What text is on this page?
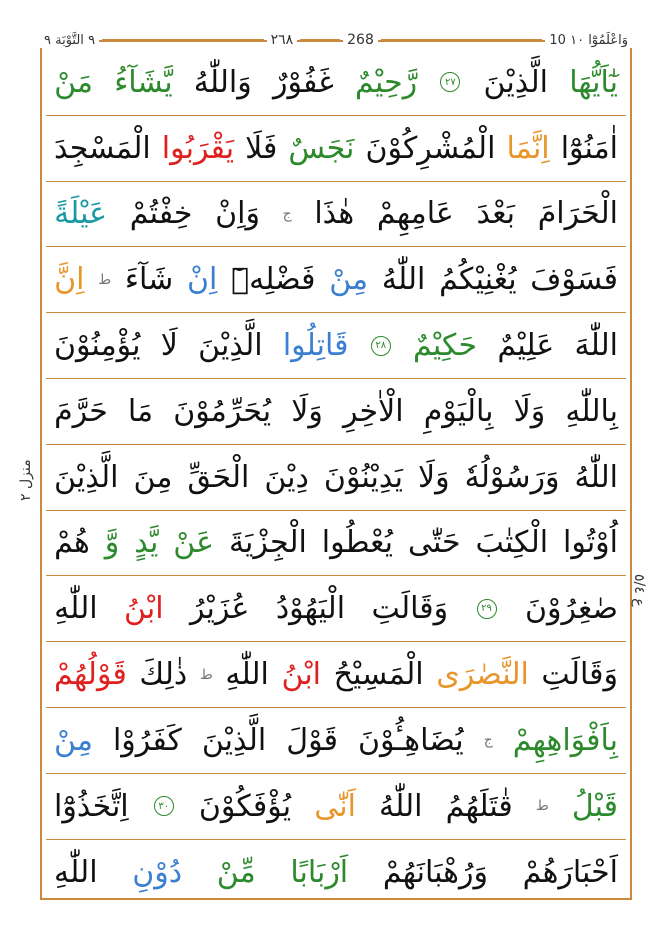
٩ التَّوْبَة ٩	٢٦٨	268	10 وَاعْلَمُوْٓا ١٠
منزل ٢
ع ٥/٤
يٰٓاَيُّهَا
الَّذِيْنَ
٢٧
رَّحِيْمٌ
غَفُوْرٌ
وَاللّٰهُ
يَّشَآءُ
مَنْ
اٰمَنُوْٓا
اِنَّمَا
الْمُشْرِكُوْنَ
نَجَسٌ
فَلَا
يَقْرَبُوا
الْمَسْجِدَ
الْحَرَامَ
بَعْدَ
عَامِهِمْ
هٰذَا
ج
وَاِنْ
خِفْتُمْ
عَيْلَةً
فَسَوْفَ
يُغْنِيْكُمُ
اللّٰهُ
مِنْ
فَضْلِهٖٓ
اِنْ
شَآءَ
ط
اِنَّ
اللّٰهَ
عَلِيْمٌ
حَكِيْمٌ
٢٨
قَاتِلُوا
الَّذِيْنَ
لَا
يُؤْمِنُوْنَ
بِاللّٰهِ
وَلَا
بِالْيَوْمِ
الْاٰخِرِ
وَلَا
يُحَرِّمُوْنَ
مَا
حَرَّمَ
اللّٰهُ
وَرَسُوْلُهٗ
وَلَا
يَدِيْنُوْنَ
دِيْنَ
الْحَقِّ
مِنَ
الَّذِيْنَ
اُوْتُوا
الْكِتٰبَ
حَتّٰى
يُعْطُوا
الْجِزْيَةَ
عَنْ
يَّدٍ
وَّ
هُمْ
صٰغِرُوْنَ
٢٩
وَقَالَتِ
الْيَهُوْدُ
عُزَيْرُ
ابْنُ
اللّٰهِ
وَقَالَتِ
النَّصٰرَى
الْمَسِيْحُ
ابْنُ
اللّٰهِ
ط
ذٰلِكَ
قَوْلُهُمْ
بِاَفْوَاهِهِمْ
ج
يُضَاهِـُٔوْنَ
قَوْلَ
الَّذِيْنَ
كَفَرُوْا
مِنْ
قَبْلُ
ط
قٰتَلَهُمُ
اللّٰهُ
اَنّٰى
يُؤْفَكُوْنَ
٣٠
اِتَّخَذُوْٓا
اَحْبَارَهُمْ
وَرُهْبَانَهُمْ
اَرْبَابًا
مِّنْ
دُوْنِ
اللّٰهِ
